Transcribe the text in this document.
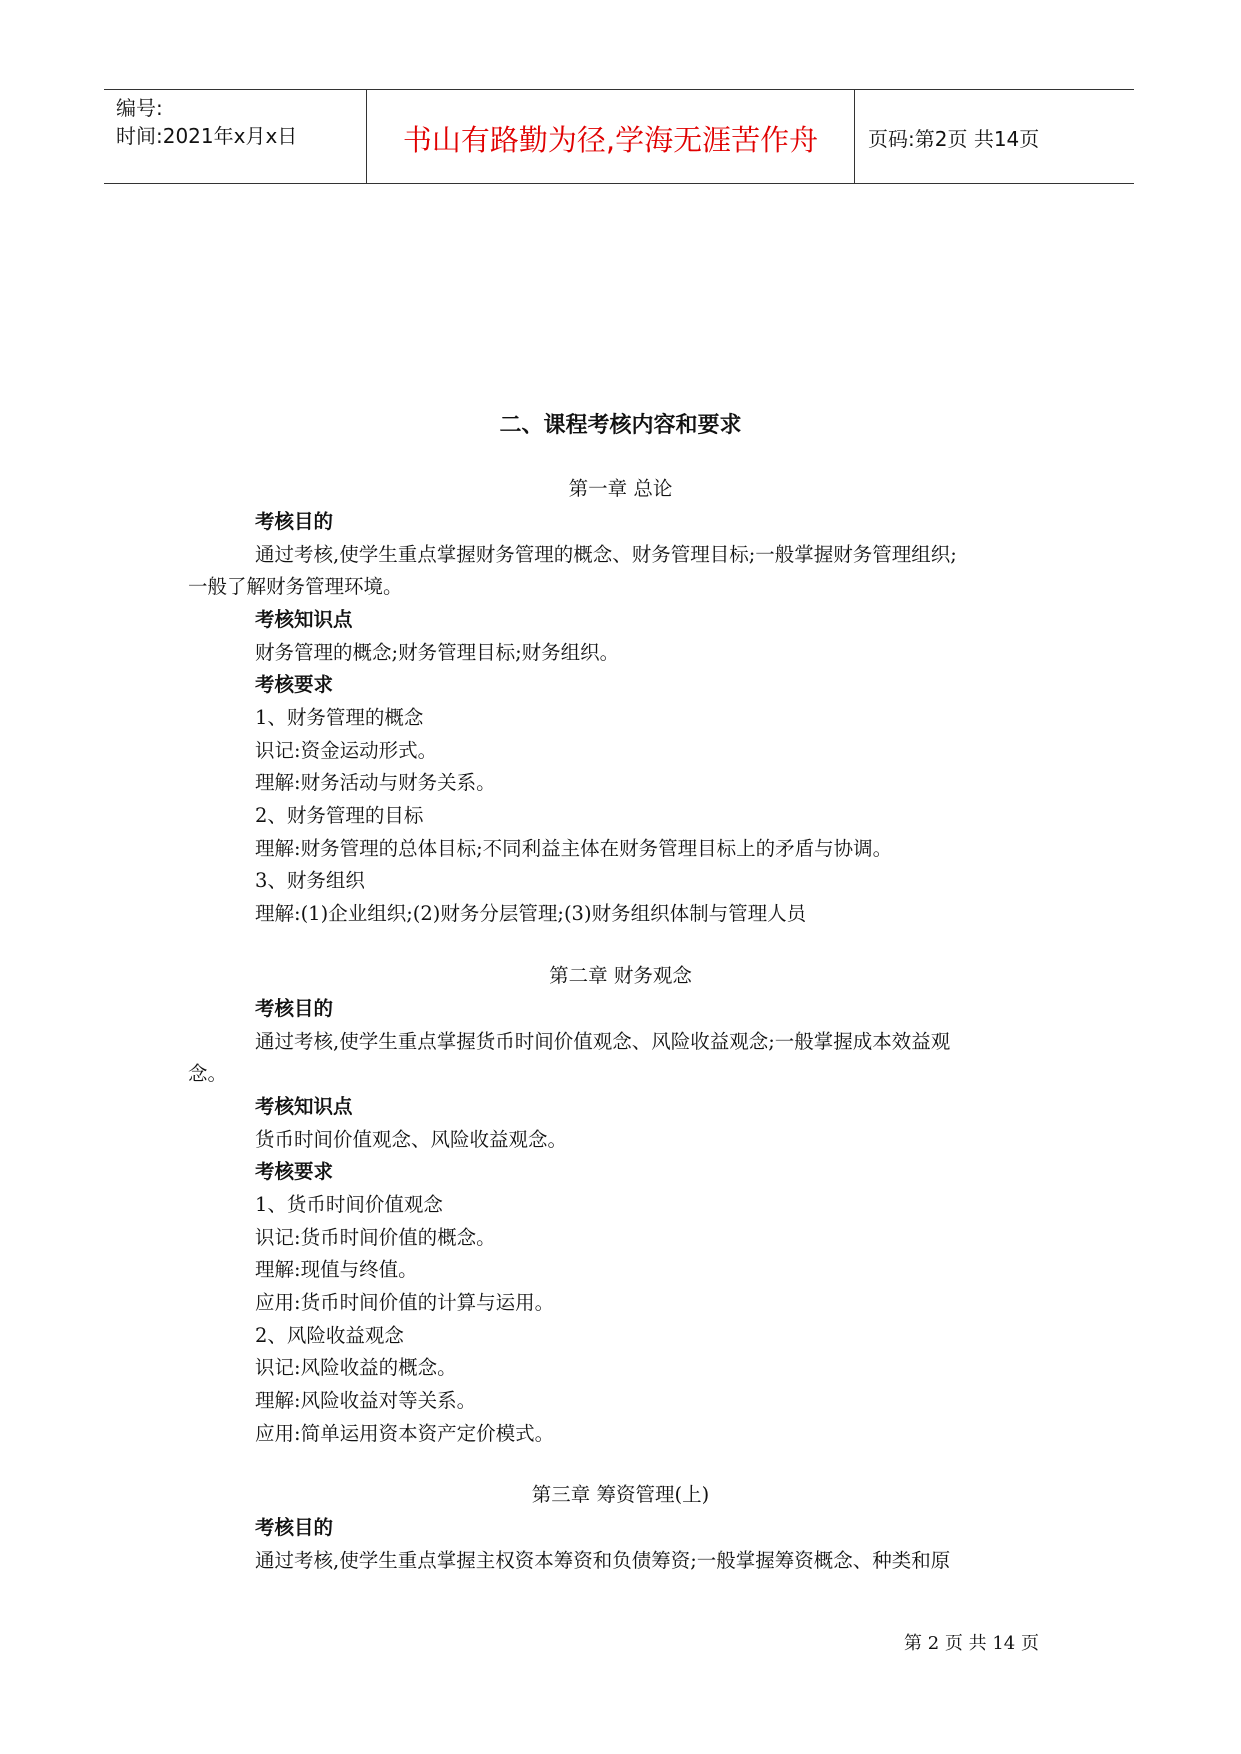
编号:
时间:2021年x月x日	书山有路勤为径,学海无涯苦作舟	页码:第2页 共14页
二、课程考核内容和要求
第一章 总论
考核目的
通过考核,使学生重点掌握财务管理的概念、财务管理目标;一般掌握财务管理组织;
一般了解财务管理环境。
考核知识点
财务管理的概念;财务管理目标;财务组织。
考核要求
1、财务管理的概念
识记:资金运动形式。
理解:财务活动与财务关系。
2、财务管理的目标
理解:财务管理的总体目标;不同利益主体在财务管理目标上的矛盾与协调。
3、财务组织
理解:(1)企业组织;(2)财务分层管理;(3)财务组织体制与管理人员
第二章 财务观念
考核目的
通过考核,使学生重点掌握货币时间价值观念、风险收益观念;一般掌握成本效益观
念。
考核知识点
货币时间价值观念、风险收益观念。
考核要求
1、货币时间价值观念
识记:货币时间价值的概念。
理解:现值与终值。
应用:货币时间价值的计算与运用。
2、风险收益观念
识记:风险收益的概念。
理解:风险收益对等关系。
应用:简单运用资本资产定价模式。
第三章 筹资管理(上)
考核目的
通过考核,使学生重点掌握主权资本筹资和负债筹资;一般掌握筹资概念、种类和原
第 2 页 共 14 页
